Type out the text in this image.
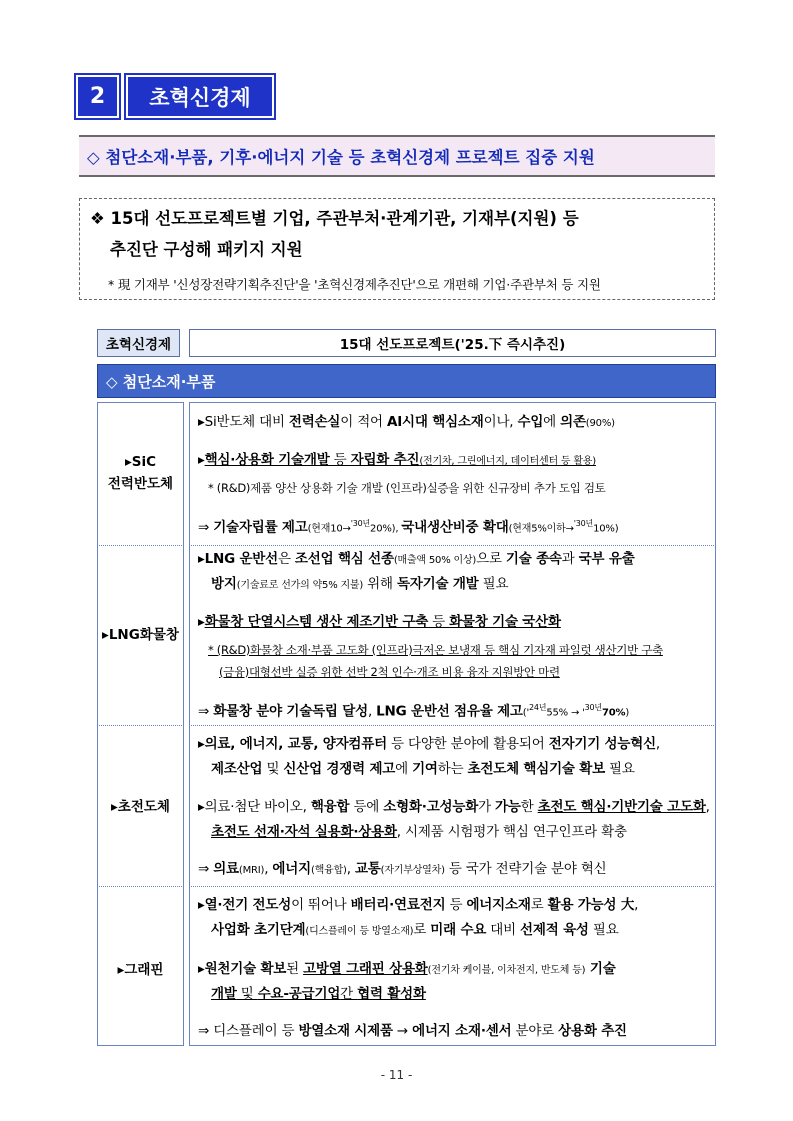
2	초혁신경제
◇ 첨단소재·부품, 기후·에너지 기술 등 초혁신경제 프로젝트 집중 지원
❖ 15대 선도프로젝트별 기업, 주관부처·관계기관, 기재부(지원) 등
추진단 구성해 패키지 지원
* 現 기재부 '신성장전략기획추진단'을 '초혁신경제추진단'으로 개편해 기업·주관부처 등 지원
초혁신경제	15대 선도프로젝트('25.下 즉시추진)
◇ 첨단소재·부품
▸SiC
전력반도체
▸Si반도체 대비 전력손실이 적어 AI시대 핵심소재이나, 수입에 의존(90%)
▸핵심·상용화 기술개발 등 자립화 추진(전기차, 그린에너지, 데이터센터 등 활용)
* (R&D)제품 양산 상용화 기술 개발 (인프라)실증을 위한 신규장비 추가 도입 검토
⇒ 기술자립률 제고(현재10→$^{'30년}$20%), 국내생산비중 확대(현재5%이하→$^{'30년}$10%)
▸LNG화물창
▸LNG 운반선은 조선업 핵심 선종(매출액 50% 이상)으로 기술 종속과 국부 유출
방지(기술료로 선가의 약5% 지불) 위해 독자기술 개발 필요
▸화물창 단열시스템 생산 제조기반 구축 등 화물창 기술 국산화
* (R&D)화물창 소재·부품 고도화 (인프라)극저온 보냉재 등 핵심 기자재 파일럿 생산기반 구축
(금융)대형선박 실증 위한 선박 2척 인수·개조 비용 융자 지원방안 마련
⇒ 화물창 분야 기술독립 달성, LNG 운반선 점유율 제고('$^{24년}55\%$ → '$^{30년}70\%$)
▸초전도체
▸의료, 에너지, 교통, 양자컴퓨터 등 다양한 분야에 활용되어 전자기기 성능혁신,
제조산업 및 신산업 경쟁력 제고에 기여하는 초전도체 핵심기술 확보 필요
▸의료·첨단 바이오, 핵융합 등에 소형화·고성능화가 가능한 초전도 핵심·기반기술 고도화,
초전도 선재·자석 실용화·상용화, 시제품 시험평가 핵심 연구인프라 확충
⇒ 의료(MRI), 에너지(핵융합), 교통(자기부상열차) 등 국가 전략기술 분야 혁신
▸그래핀
▸열·전기 전도성이 뛰어나 배터리·연료전지 등 에너지소재로 활용 가능성 大,
사업화 초기단계(디스플레이 등 방열소재)로 미래 수요 대비 선제적 육성 필요
▸원천기술 확보된 고방열 그래핀 상용화(전기차 케이블, 이차전지, 반도체 등) 기술
개발 및 수요-공급기업간 협력 활성화
⇒ 디스플레이 등 방열소재 시제품 → 에너지 소재·센서 분야로 상용화 추진
- 11 -
